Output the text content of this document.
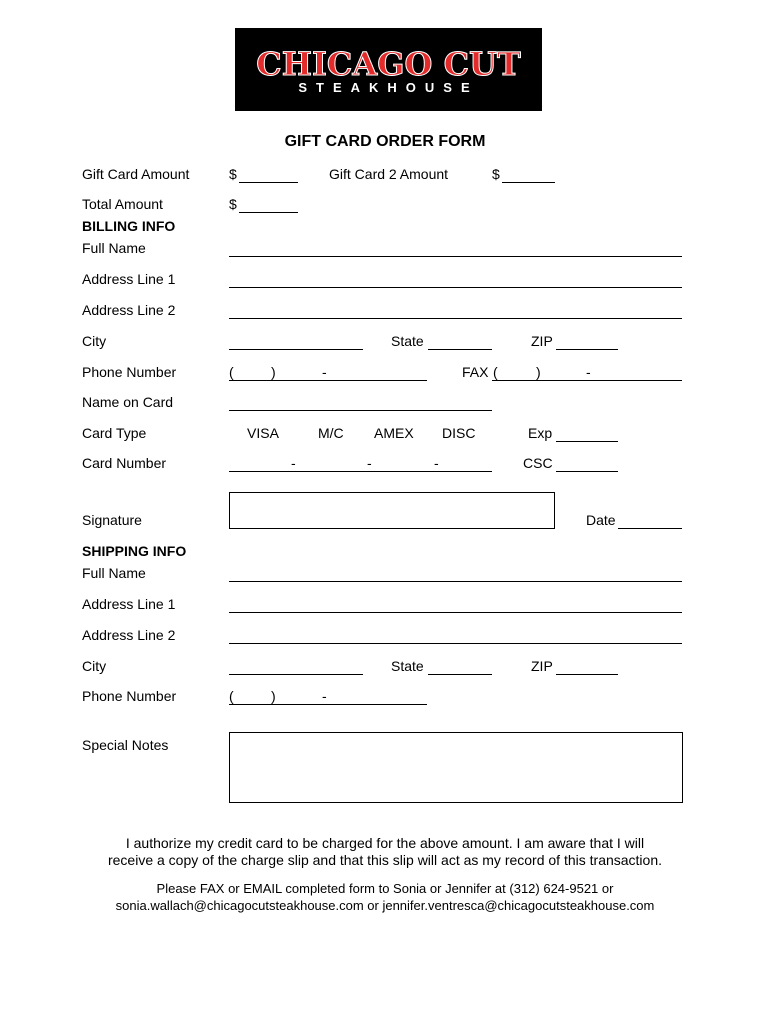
CHICAGO CUT
STEAKHOUSE
GIFT CARD ORDER FORM
Gift Card Amount	$	Gift Card 2 Amount	$
Total Amount	$
BILLING INFO
Full Name
Address Line 1
Address Line 2
City	State	ZIP
Phone Number	(	)	-	FAX (	)	-
Name on Card
Card Type	VISA	M/C AMEX DISC	Exp
Card Number	-	-	-	CSC
Signature	Date
SHIPPING INFO
Full Name
Address Line 1
Address Line 2
City	State	ZIP
Phone Number	(	)	-
Special Notes
I authorize my credit card to be charged for the above amount. I am aware that I will
receive a copy of the charge slip and that this slip will act as my record of this transaction.
Please FAX or EMAIL completed form to Sonia or Jennifer at (312) 624-9521 or
sonia.wallach@chicagocutsteakhouse.com or jennifer.ventresca@chicagocutsteakhouse.com
